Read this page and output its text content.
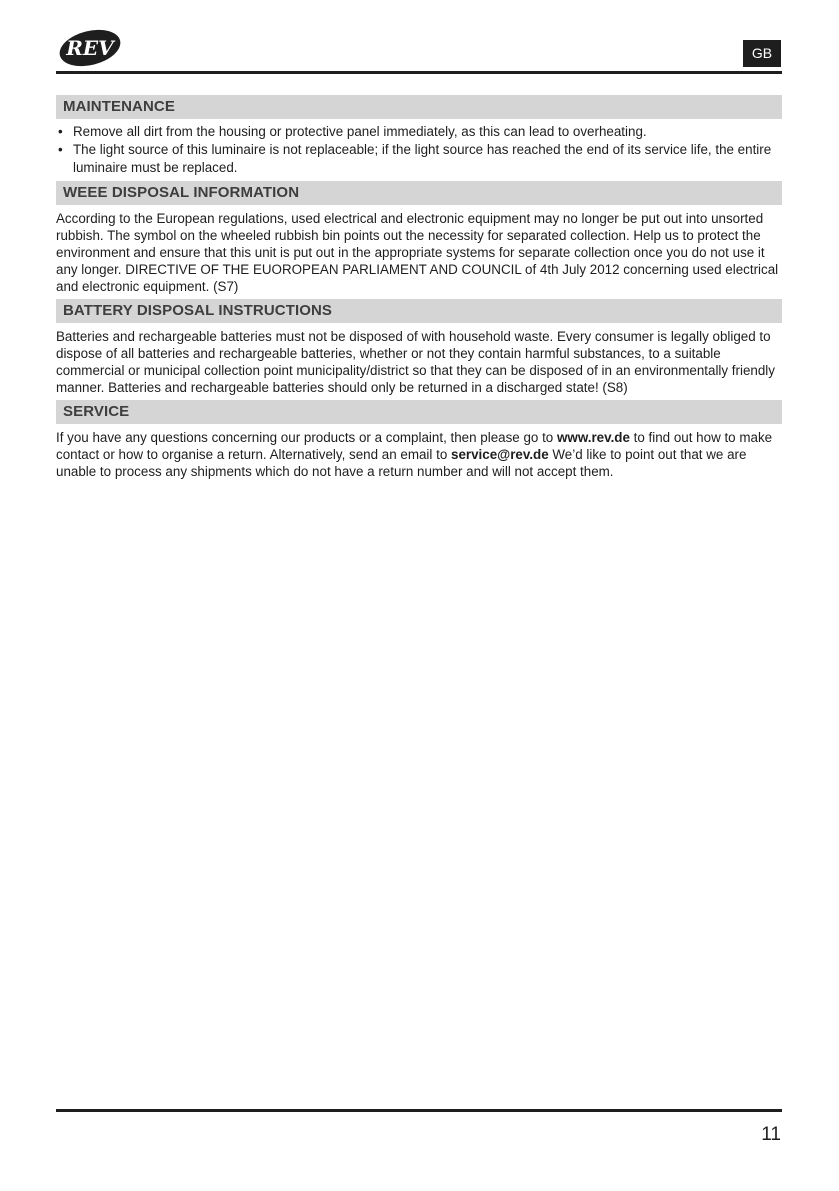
REV	GB
MAINTENANCE
• Remove all dirt from the housing or protective panel immediately, as this can lead to overheating.
• The light source of this luminaire is not replaceable; if the light source has reached the end of its service life, the entire luminaire must be replaced.
WEEE DISPOSAL INFORMATION

According to the European regulations, used electrical and electronic equipment may no longer be put out into unsorted rubbish. The symbol on the wheeled rubbish bin points out the necessity for separated collection. Help us to protect the environment and ensure that this unit is put out in the appropriate systems for separate collection once you do not use it any longer. DIRECTIVE OF THE EUOROPEAN PARLIAMENT AND COUNCIL of 4th July 2012 concerning used electrical and electronic equipment. (S7)

BATTERY DISPOSAL INSTRUCTIONS

Batteries and rechargeable batteries must not be disposed of with household waste. Every consumer is legally obliged to dispose of all batteries and rechargeable batteries, whether or not they contain harmful substances, to a suitable commercial or municipal collection point municipality/district so that they can be disposed of in an environmentally friendly manner. Batteries and rechargeable batteries should only be returned in a discharged state! (S8)

SERVICE

If you have any questions concerning our products or a complaint, then please go to www.rev.de to find out how to make contact or how to organise a return. Alternatively, send an email to service@rev.de We’d like to point out that we are unable to process any shipments which do not have a return number and will not accept them.

11
